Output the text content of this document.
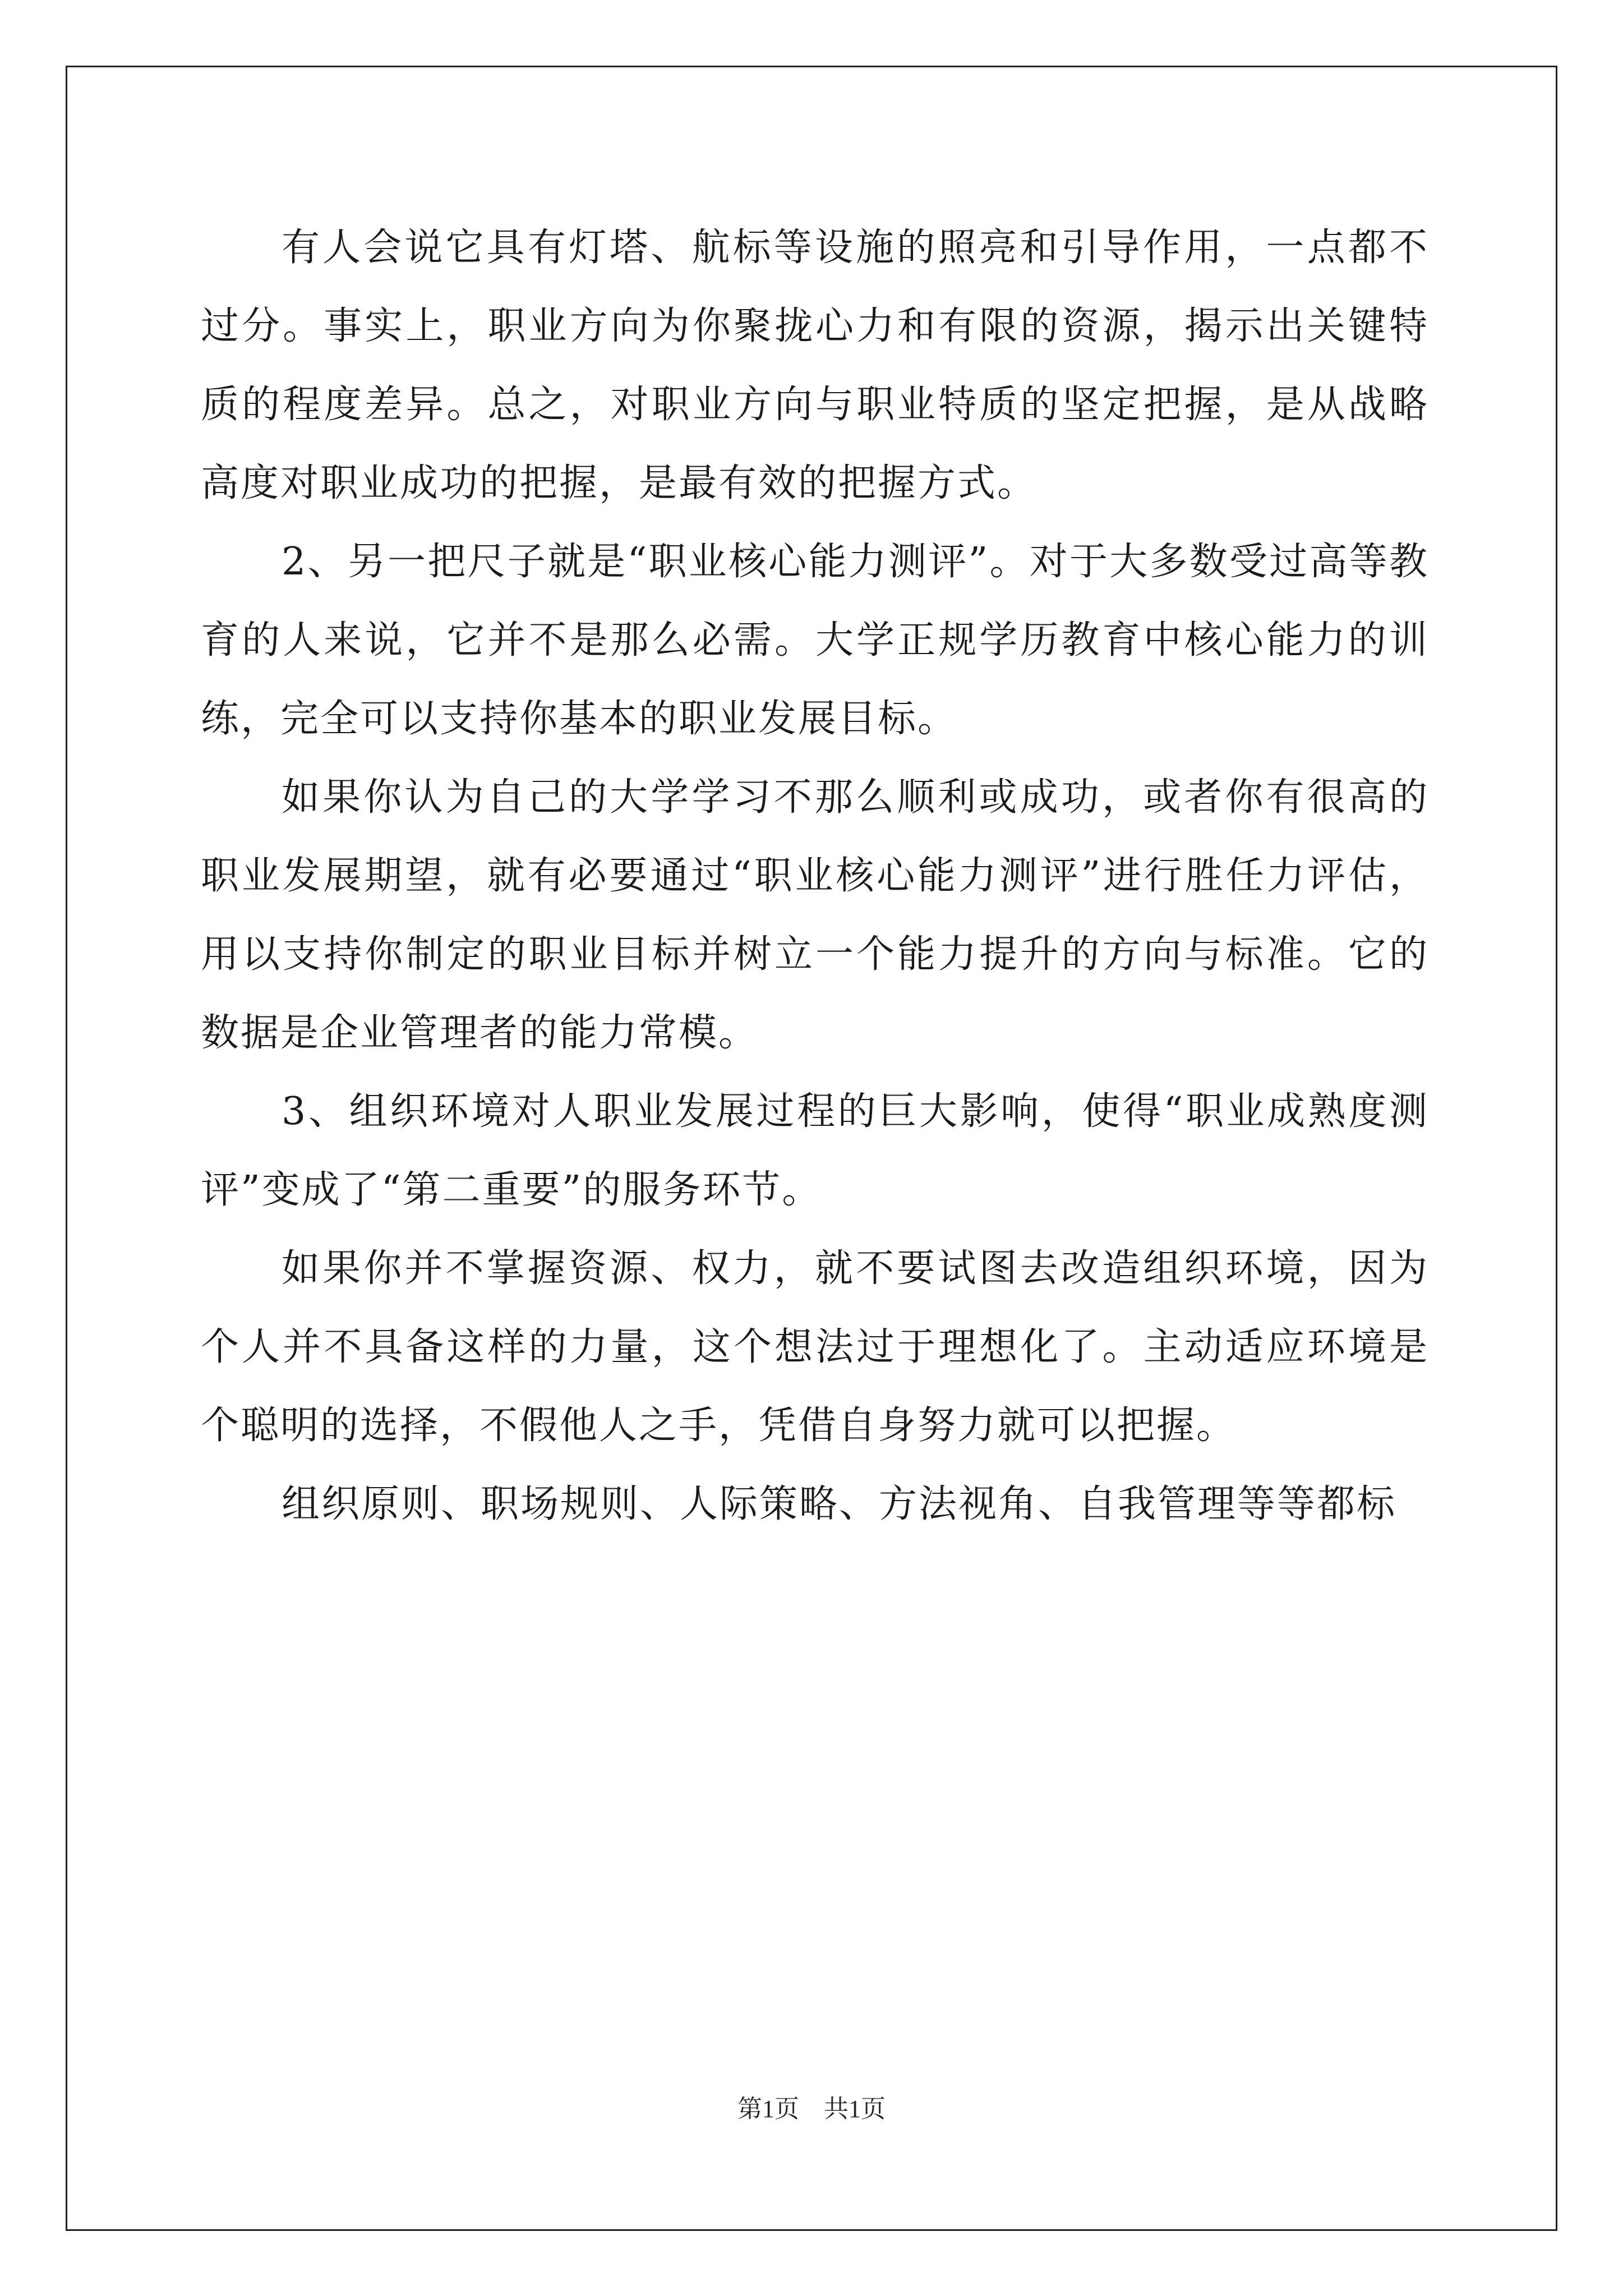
有人会说它具有灯塔、航标等设施的照亮和引导作用，一点都不过分。事实上，职业方向为你聚拢心力和有限的资源，揭示出关键特质的程度差异。总之，对职业方向与职业特质的坚定把握，是从战略高度对职业成功的把握，是最有效的把握方式。

2、另一把尺子就是“职业核心能力测评”。对于大多数受过高等教育的人来说，它并不是那么必需。大学正规学历教育中核心能力的训练，完全可以支持你基本的职业发展目标。

如果你认为自己的大学学习不那么顺利或成功，或者你有很高的职业发展期望，就有必要通过“职业核心能力测评”进行胜任力评估，用以支持你制定的职业目标并树立一个能力提升的方向与标准。它的数据是企业管理者的能力常模。

3、组织环境对人职业发展过程的巨大影响，使得“职业成熟度测评”变成了“第二重要”的服务环节。

如果你并不掌握资源、权力，就不要试图去改造组织环境，因为个人并不具备这样的力量，这个想法过于理想化了。主动适应环境是个聪明的选择，不假他人之手，凭借自身努力就可以把握。

组织原则、职场规则、人际策略、方法视角、自我管理等等都标

第1页　共1页
